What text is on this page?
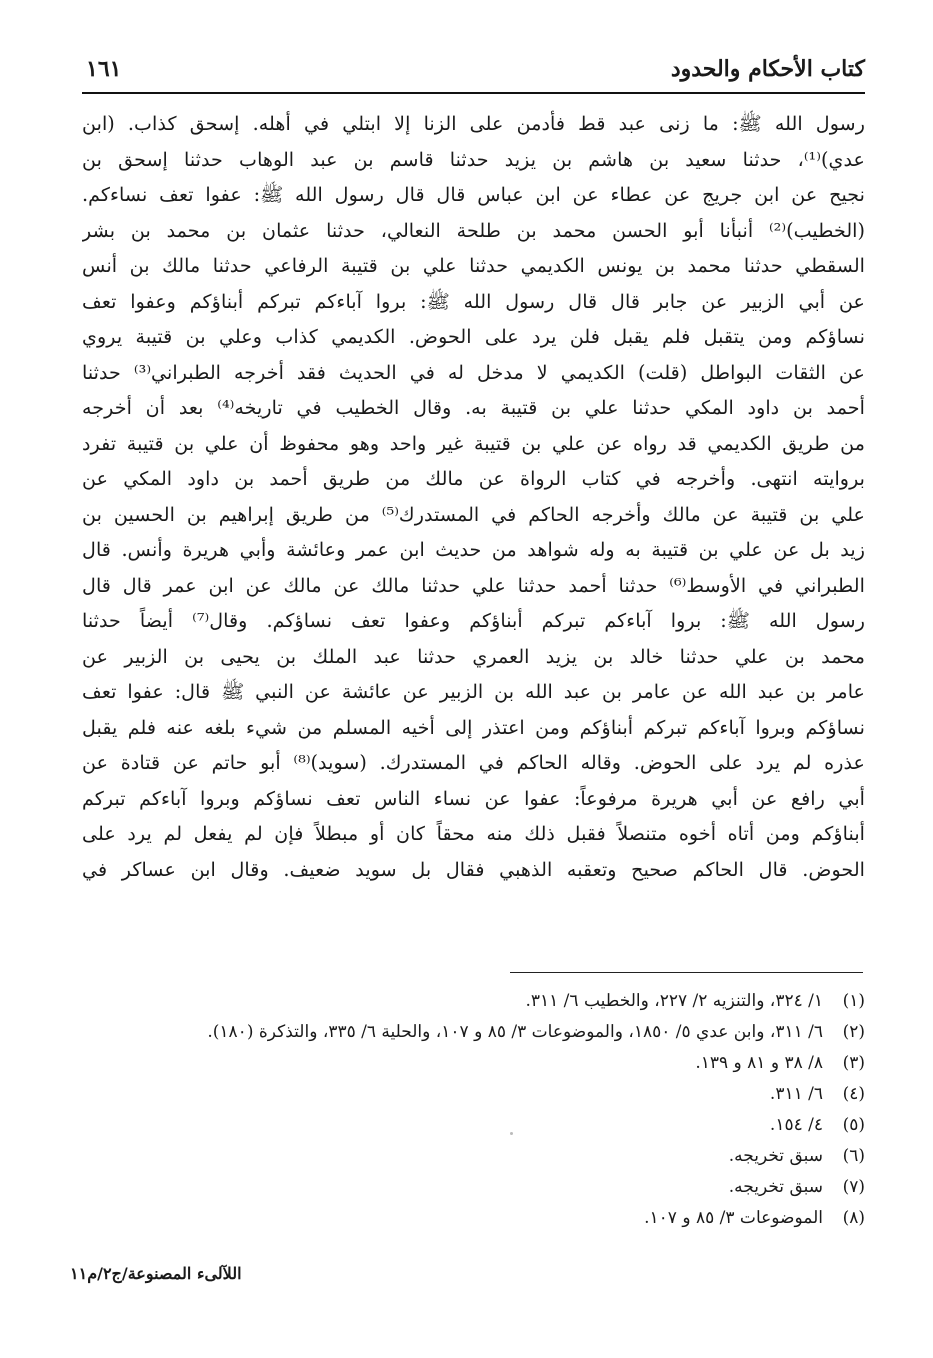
كتاب الأحكام والحدود
١٦١
رسول الله ﷺ: ما زنى عبد قط فأدمن على الزنا إلا ابتلي في أهله. إسحق كذاب. (ابن
عدي)⁽¹⁾، حدثنا سعيد بن هاشم بن يزيد حدثنا قاسم بن عبد الوهاب حدثنا إسحق بن
نجيح عن ابن جريج عن عطاء عن ابن عباس قال قال رسول الله ﷺ: عفوا تعف نساءكم.
(الخطيب)⁽²⁾ أنبأنا أبو الحسن محمد بن طلحة النعالي، حدثنا عثمان بن محمد بن بشر
السقطي حدثنا محمد بن يونس الكديمي حدثنا علي بن قتيبة الرفاعي حدثنا مالك بن أنس
عن أبي الزبير عن جابر قال قال رسول الله ﷺ: بروا آباءكم تبركم أبناؤكم وعفوا تعف
نساؤكم ومن يتقبل فلم يقبل فلن يرد على الحوض. الكديمي كذاب وعلي بن قتيبة يروي
عن الثقات البواطل (قلت) الكديمي لا مدخل له في الحديث فقد أخرجه الطبراني⁽³⁾ حدثنا
أحمد بن داود المكي حدثنا علي بن قتيبة به. وقال الخطيب في تاريخه⁽⁴⁾ بعد أن أخرجه
من طريق الكديمي قد رواه عن علي بن قتيبة غير واحد وهو محفوظ أن علي بن قتيبة تفرد
بروايته انتهى. وأخرجه في كتاب الرواة عن مالك من طريق أحمد بن داود المكي عن
علي بن قتيبة عن مالك وأخرجه الحاكم في المستدرك⁽⁵⁾ من طريق إبراهيم بن الحسين بن
زيد بل عن علي بن قتيبة به وله شواهد من حديث ابن عمر وعائشة وأبي هريرة وأنس. قال
الطبراني في الأوسط⁽⁶⁾ حدثنا أحمد حدثنا علي حدثنا مالك عن مالك عن ابن عمر قال قال
رسول الله ﷺ: بروا آباءكم تبركم أبناؤكم وعفوا تعف نساؤكم. وقال⁽⁷⁾ أيضاً حدثنا
محمد بن علي حدثنا خالد بن يزيد العمري حدثنا عبد الملك بن يحيى بن الزبير عن
عامر بن عبد الله عن عامر بن عبد الله بن الزبير عن عائشة عن النبي ﷺ قال: عفوا تعف
نساؤكم وبروا آباءكم تبركم أبناؤكم ومن اعتذر إلى أخيه المسلم من شيء بلغه عنه فلم يقبل
عذره لم يرد على الحوض. وقاله الحاكم في المستدرك. (سويد)⁽⁸⁾ أبو حاتم عن قتادة عن
أبي رافع عن أبي هريرة مرفوعاً: عفوا عن نساء الناس تعف نساؤكم وبروا آباءكم تبركم
أبناؤكم ومن أتاه أخوه متنصلاً فقبل ذلك منه محقاً كان أو مبطلاً فإن لم يفعل لم يرد على
الحوض. قال الحاكم صحيح وتعقبه الذهبي فقال بل سويد ضعيف. وقال ابن عساكر في
(١)
١/ ٣٢٤، والتنزيه ٢/ ٢٢٧، والخطيب ٦/ ٣١١.
(٢)
٦/ ٣١١، وابن عدي ٥/ ١٨٥٠، والموضوعات ٣/ ٨٥ و ١٠٧، والحلية ٦/ ٣٣٥، والتذكرة (١٨٠).
(٣)
٨/ ٣٨ و ٨١ و ١٣٩.
(٤)
٦/ ٣١١.
(٥)
٤/ ١٥٤.
(٦)
سبق تخريجه.
(٧)
سبق تخريجه.
(٨)
الموضوعات ٣/ ٨٥ و ١٠٧.
اللآلىء المصنوعة/ج٢/م١١
